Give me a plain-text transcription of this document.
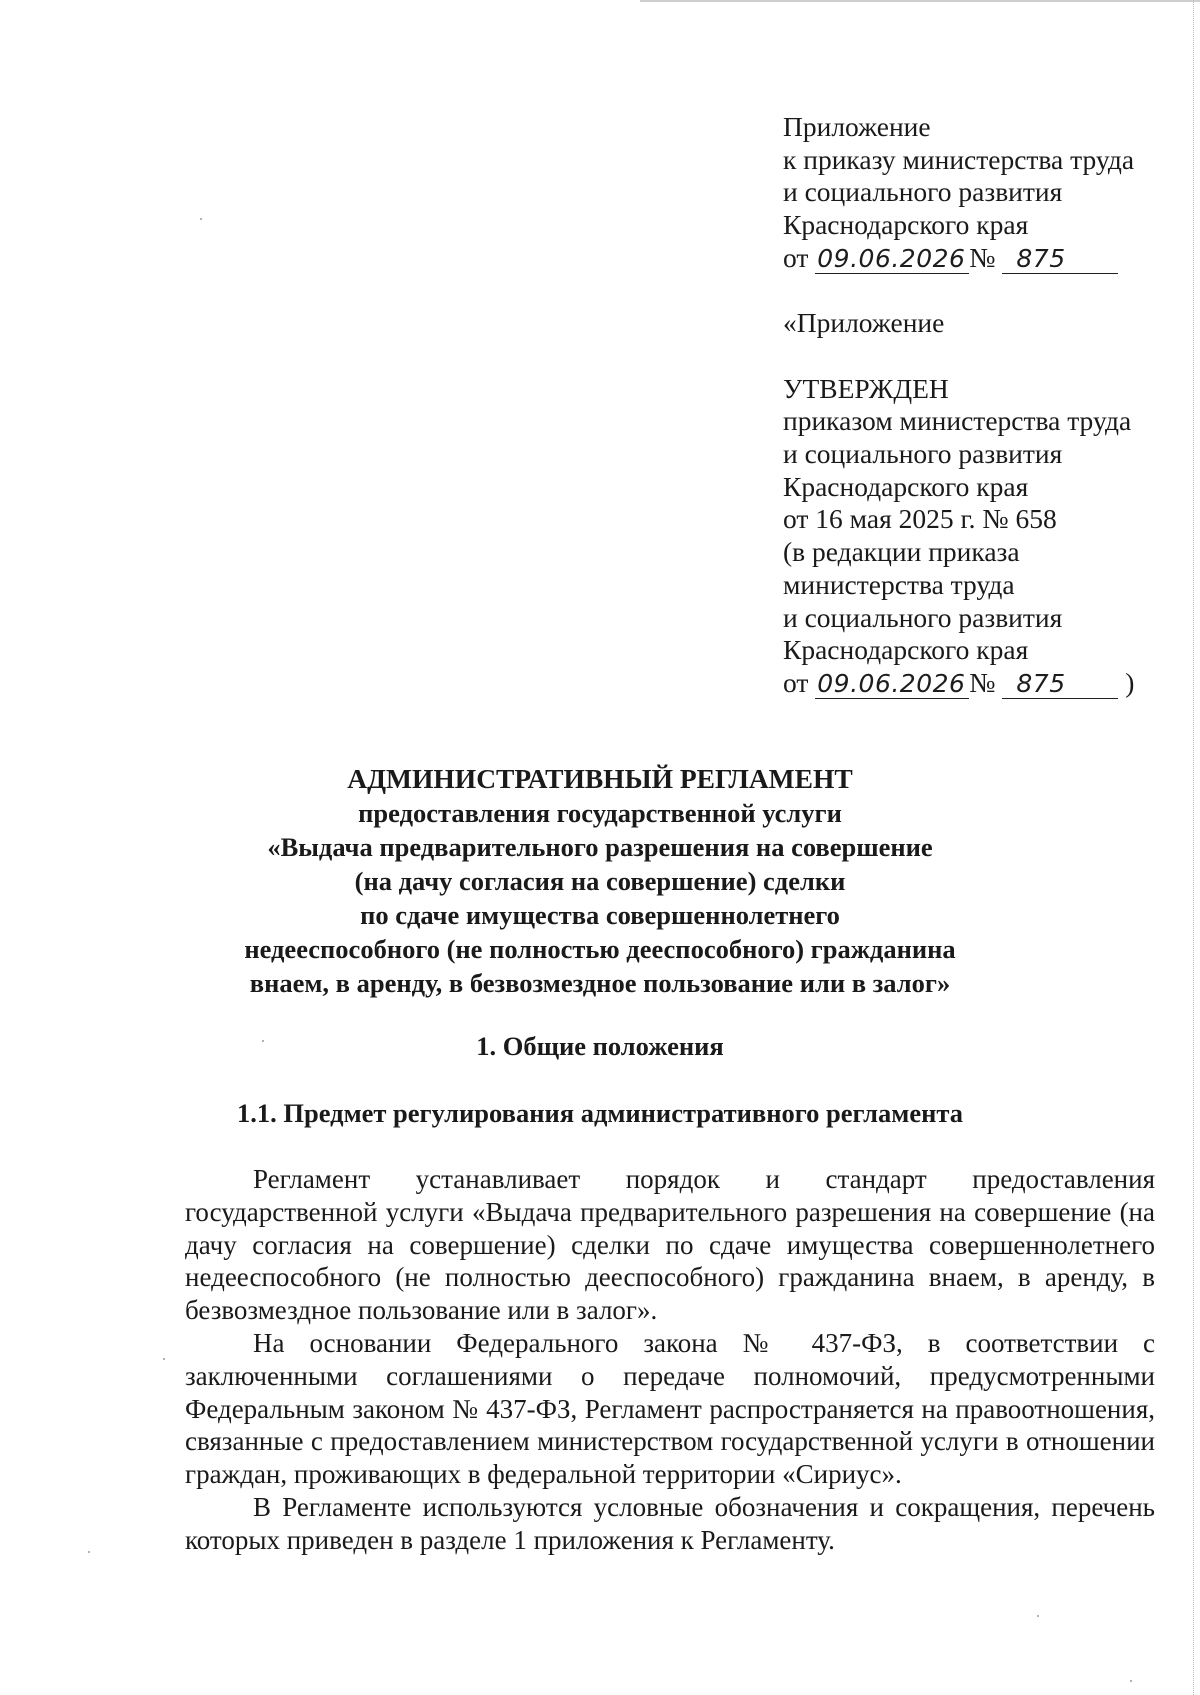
Приложение
к приказу министерства труда
и социального развития
Краснодарского края
от 09.06.2026 № 875
«Приложение
УТВЕРЖДЕН
приказом министерства труда
и социального развития
Краснодарского края
от 16 мая 2025 г. № 658
(в редакции приказа
министерства труда
и социального развития
Краснодарского края
от 09.06.2026 № 875 )
АДМИНИСТРАТИВНЫЙ РЕГЛАМЕНТ
предоставления государственной услуги
«Выдача предварительного разрешения на совершение
(на дачу согласия на совершение) сделки
по сдаче имущества совершеннолетнего
недееспособного (не полностью дееспособного) гражданина
внаем, в аренду, в безвозмездное пользование или в залог»
1. Общие положения
1.1. Предмет регулирования административного регламента

Регламент устанавливает порядок и стандарт предоставления государственной услуги «Выдача предварительного разрешения на совершение (на дачу согласия на совершение) сделки по сдаче имущества совершеннолетнего недееспособного (не полностью дееспособного) гражданина внаем, в аренду, в безвозмездное пользование или в залог».

На основании Федерального закона № 437-ФЗ, в соответствии с заключенными соглашениями о передаче полномочий, предусмотренными Федеральным законом № 437-ФЗ, Регламент распространяется на правоотношения, связанные с предоставлением министерством государственной услуги в отношении граждан, проживающих в федеральной территории «Сириус».

В Регламенте используются условные обозначения и сокращения, перечень которых приведен в разделе 1 приложения к Регламенту.
